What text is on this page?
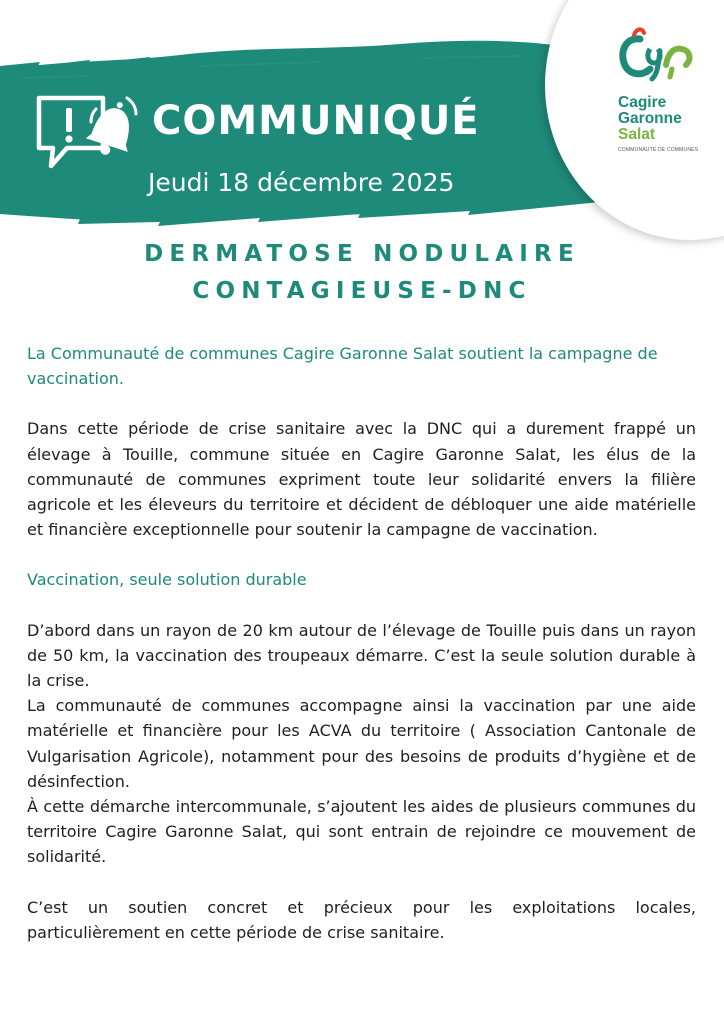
Cagire
Garonne
Salat
COMMUNAUTÉ DE COMMUNES
COMMUNIQUÉ
Jeudi 18 décembre 2025
DERMATOSE NODULAIRE
CONTAGIEUSE-DNC

La Communauté de communes Cagire Garonne Salat soutient la campagne de vaccination.

Dans cette période de crise sanitaire avec la DNC qui a durement frappé un élevage à Touille, commune située en Cagire Garonne Salat, les élus de la communauté de communes expriment toute leur solidarité envers la filière agricole et les éleveurs du territoire et décident de débloquer une aide matérielle et financière exceptionnelle pour soutenir la campagne de vaccination.

Vaccination, seule solution durable

D’abord dans un rayon de 20 km autour de l’élevage de Touille puis dans un rayon de 50 km, la vaccination des troupeaux démarre. C’est la seule solution durable à la crise.

La communauté de communes accompagne ainsi la vaccination par une aide matérielle et financière pour les ACVA du territoire ( Association Cantonale de Vulgarisation Agricole), notamment pour des besoins de produits d’hygiène et de désinfection.

À cette démarche intercommunale, s’ajoutent les aides de plusieurs communes du territoire Cagire Garonne Salat, qui sont entrain de rejoindre ce mouvement de solidarité.

C’est un soutien concret et précieux pour les exploitations locales, particulièrement en cette période de crise sanitaire.
